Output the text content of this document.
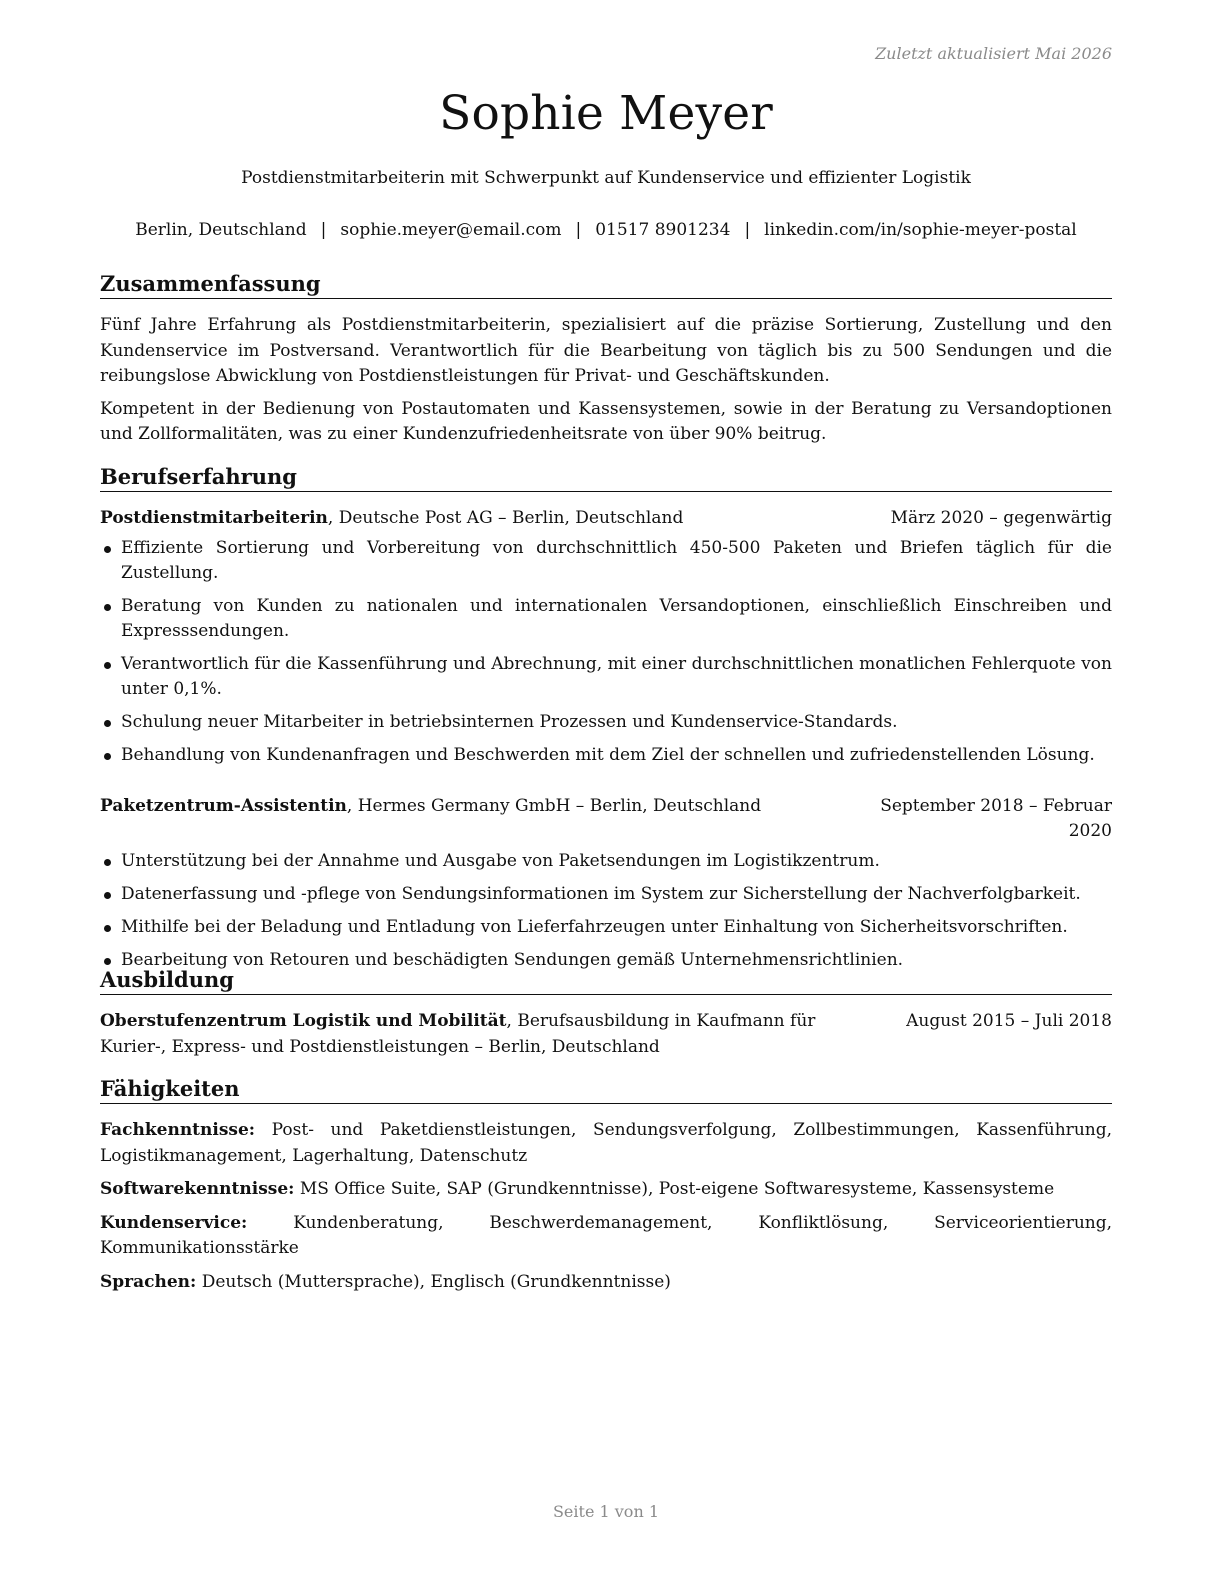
Zuletzt aktualisiert Mai 2026
Sophie Meyer
Postdienstmitarbeiterin mit Schwerpunkt auf Kundenservice und effizienter Logistik
Berlin, Deutschland | sophie.meyer@email.com | 01517 8901234 | linkedin.com/in/sophie-meyer-postal
Zusammenfassung

Fünf Jahre Erfahrung als Postdienstmitarbeiterin, spezialisiert auf die präzise Sortierung, Zustellung und den Kundenservice im Postversand. Verantwortlich für die Bearbeitung von täglich bis zu 500 Sendungen und die reibungslose Abwicklung von Postdienstleistungen für Privat- und Geschäftskunden.

Kompetent in der Bedienung von Postautomaten und Kassensystemen, sowie in der Beratung zu Versandoptionen und Zollformalitäten, was zu einer Kundenzufriedenheitsrate von über 90% beitrug.

Berufserfahrung
Postdienstmitarbeiterin, Deutsche Post AG – Berlin, Deutschland	März 2020 – gegenwärtig
Effiziente Sortierung und Vorbereitung von durchschnittlich 450-500 Paketen und Briefen täglich für die Zustellung.
Beratung von Kunden zu nationalen und internationalen Versandoptionen, einschließlich Einschreiben und Expresssendungen.
Verantwortlich für die Kassenführung und Abrechnung, mit einer durchschnittlichen monatlichen Fehlerquote von unter 0,1%.
Schulung neuer Mitarbeiter in betriebsinternen Prozessen und Kundenservice-Standards.
Behandlung von Kundenanfragen und Beschwerden mit dem Ziel der schnellen und zufriedenstellenden Lösung.
Paketzentrum-Assistentin, Hermes Germany GmbH – Berlin, Deutschland	September 2018 – Februar 2020
Unterstützung bei der Annahme und Ausgabe von Paketsendungen im Logistikzentrum.
Datenerfassung und -pflege von Sendungsinformationen im System zur Sicherstellung der Nachverfolgbarkeit.
Mithilfe bei der Beladung und Entladung von Lieferfahrzeugen unter Einhaltung von Sicherheitsvorschriften.
Bearbeitung von Retouren und beschädigten Sendungen gemäß Unternehmensrichtlinien.
Ausbildung
Oberstufenzentrum Logistik und Mobilität, Berufsausbildung in Kaufmann für Kurier-, Express- und Postdienstleistungen – Berlin, Deutschland
August 2015 – Juli 2018
Fähigkeiten

Fachkenntnisse: Post- und Paketdienstleistungen, Sendungsverfolgung, Zollbestimmungen, Kassenführung, Logistikmanagement, Lagerhaltung, Datenschutz

Softwarekenntnisse: MS Office Suite, SAP (Grundkenntnisse), Post-eigene Softwaresysteme, Kassensysteme

Kundenservice:	Kundenberatung, Beschwerdemanagement, Konfliktlösung, Serviceorientierung, Kommunikationsstärke

Sprachen: Deutsch (Muttersprache), Englisch (Grundkenntnisse)

Seite 1 von 1
